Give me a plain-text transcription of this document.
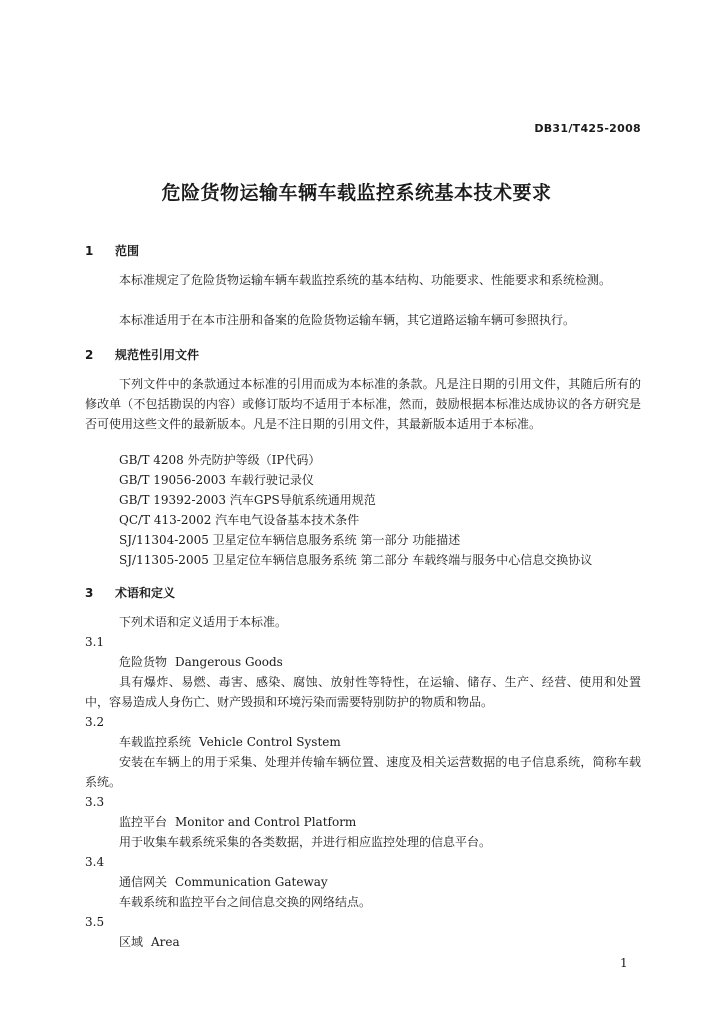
DB31/T425-2008
危险货物运输车辆车载监控系统基本技术要求
1 范围
本标准规定了危险货物运输车辆车载监控系统的基本结构、功能要求、性能要求和系统检测。
本标准适用于在本市注册和备案的危险货物运输车辆，其它道路运输车辆可参照执行。
2 规范性引用文件
下列文件中的条款通过本标准的引用而成为本标准的条款。凡是注日期的引用文件，其随后所有的修改单（不包括勘误的内容）或修订版均不适用于本标准，然而，鼓励根据本标准达成协议的各方研究是否可使用这些文件的最新版本。凡是不注日期的引用文件，其最新版本适用于本标准。
GB/T 4208 外壳防护等级（IP代码）
GB/T 19056-2003 车载行驶记录仪
GB/T 19392-2003 汽车GPS导航系统通用规范
QC/T 413-2002 汽车电气设备基本技术条件
SJ/11304-2005 卫星定位车辆信息服务系统 第一部分 功能描述
SJ/11305-2005 卫星定位车辆信息服务系统 第二部分 车载终端与服务中心信息交换协议
3 术语和定义
下列术语和定义适用于本标准。
3.1
危险货物 Dangerous Goods
具有爆炸、易燃、毒害、感染、腐蚀、放射性等特性，在运输、储存、生产、经营、使用和处置中，容易造成人身伤亡、财产毁损和环境污染而需要特别防护的物质和物品。
3.2
车载监控系统 Vehicle Control System
安装在车辆上的用于采集、处理并传输车辆位置、速度及相关运营数据的电子信息系统，简称车载系统。
3.3
监控平台 Monitor and Control Platform
用于收集车载系统采集的各类数据，并进行相应监控处理的信息平台。
3.4
通信网关 Communication Gateway
车载系统和监控平台之间信息交换的网络结点。
3.5
区域 Area
1
